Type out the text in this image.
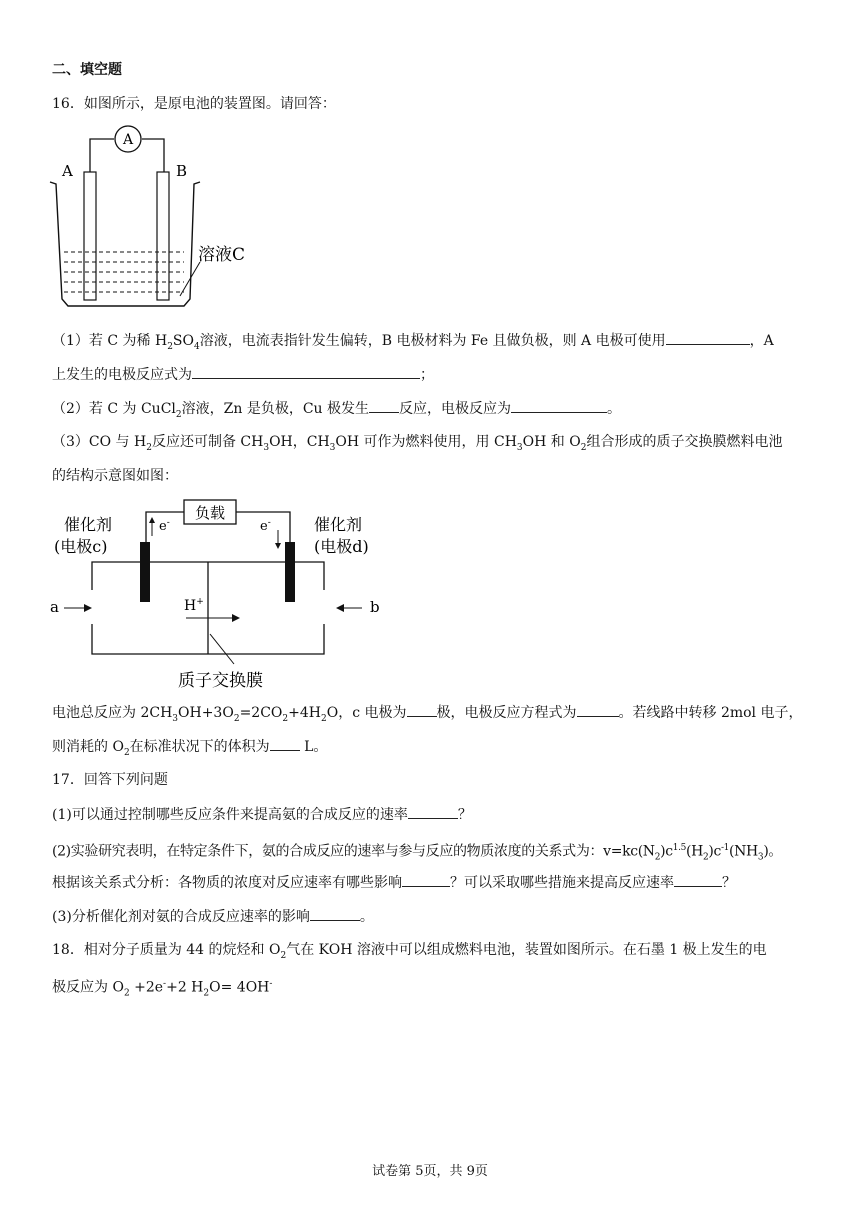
二、填空题
16．如图所示，是原电池的装置图。请回答：
A
A	B
溶液C
（1）若 C 为稀 $H_2SO_4$溶液，电流表指针发生偏转，B 电极材料为 Fe 且做负极，则 A 电极可使用	，A
上发生的电极反应式为	；
（2）若 C 为 CuCl$_2$溶液，Zn 是负极，Cu 极发生 反应，电极反应为	。
（3）CO 与 $H_2$反应还可制备 $CH_3OH$，$CH_3OH$ 可作为燃料使用，用 $CH_3OH$ 和 $O_2$组合形成的质子交换膜燃料电池
的结构示意图如图：
负载
e-	e-
催化剂
(电极c)
催化剂
(电极d)
H+
a	b
质子交换膜
电池总反应为 $2CH_3OH+3O_2=2CO_2+4H_2O$，c 电极为 极，电极反应方程式为	。若线路中转移 2mol 电子，
则消耗的 $O_2$在标准状况下的体积为 L。
17．回答下列问题
(1)可以通过控制哪些反应条件来提高氨的合成反应的速率	？
(2)实验研究表明，在特定条件下，氨的合成反应的速率与参与反应的物质浓度的关系式为：$v=kc(N_2)c^{1.5}(H_2)c^{-1}(NH_3)$。
根据该关系式分析：各物质的浓度对反应速率有哪些影响	？可以采取哪些措施来提高反应速率	？
(3)分析催化剂对氨的合成反应速率的影响	。
18．相对分子质量为 44 的烷烃和 $O_2$气在 KOH 溶液中可以组成燃料电池，装置如图所示。在石墨 1 极上发生的电
极反应为 $O_2 +2e^-+2$ $H_2O= 4OH^-$
试卷第 5页，共 9页
